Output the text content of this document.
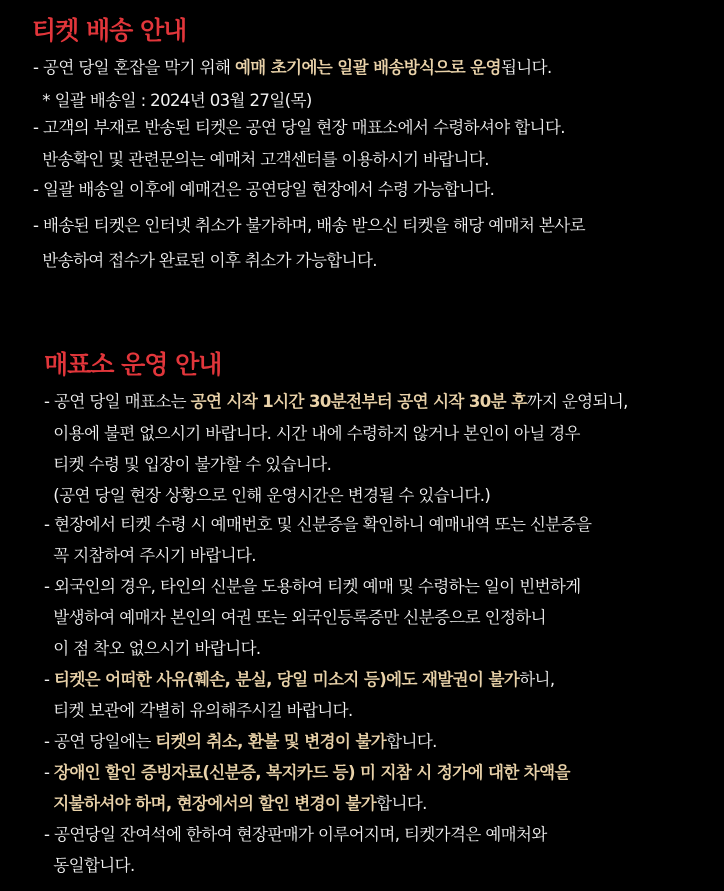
티켓 배송 안내
- 공연 당일 혼잡을 막기 위해 예매 초기에는 일괄 배송방식으로 운영됩니다.
* 일괄 배송일 : 2024년 03월 27일(목)
- 고객의 부재로 반송된 티켓은 공연 당일 현장 매표소에서 수령하셔야 합니다.
반송확인 및 관련문의는 예매처 고객센터를 이용하시기 바랍니다.
- 일괄 배송일 이후에 예매건은 공연당일 현장에서 수령 가능합니다.
- 배송된 티켓은 인터넷 취소가 불가하며, 배송 받으신 티켓을 해당 예매처 본사로
반송하여 접수가 완료된 이후 취소가 가능합니다.
매표소 운영 안내
- 공연 당일 매표소는 공연 시작 1시간 30분전부터 공연 시작 30분 후까지 운영되니,
이용에 불편 없으시기 바랍니다. 시간 내에 수령하지 않거나 본인이 아닐 경우
티켓 수령 및 입장이 불가할 수 있습니다.
(공연 당일 현장 상황으로 인해 운영시간은 변경될 수 있습니다.)
- 현장에서 티켓 수령 시 예매번호 및 신분증을 확인하니 예매내역 또는 신분증을
꼭 지참하여 주시기 바랍니다.
- 외국인의 경우, 타인의 신분을 도용하여 티켓 예매 및 수령하는 일이 빈번하게
발생하여 예매자 본인의 여권 또는 외국인등록증만 신분증으로 인정하니
이 점 착오 없으시기 바랍니다.
- 티켓은 어떠한 사유(훼손, 분실, 당일 미소지 등)에도 재발권이 불가하니,
티켓 보관에 각별히 유의해주시길 바랍니다.
- 공연 당일에는 티켓의 취소, 환불 및 변경이 불가합니다.
- 장애인 할인 증빙자료(신분증, 복지카드 등) 미 지참 시 정가에 대한 차액을
지불하셔야 하며, 현장에서의 할인 변경이 불가합니다.
- 공연당일 잔여석에 한하여 현장판매가 이루어지며, 티켓가격은 예매처와
동일합니다.
